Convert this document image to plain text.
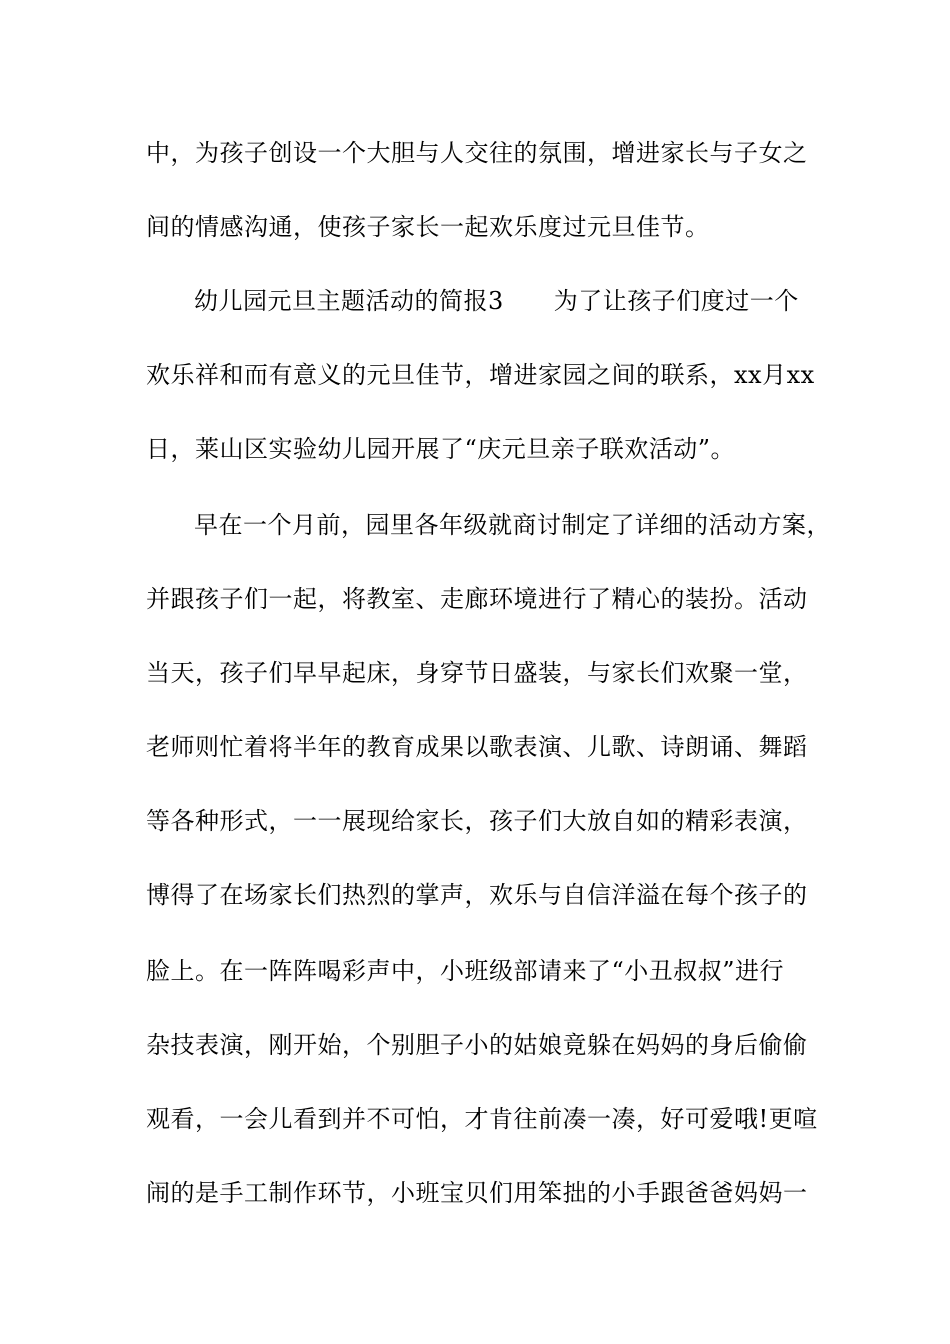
中，为孩子创设一个大胆与人交往的氛围，增进家长与子女之
间的情感沟通，使孩子家长一起欢乐度过元旦佳节。
幼儿园元旦主题活动的简报3 为了让孩子们度过一个
欢乐祥和而有意义的元旦佳节，增进家园之间的联系，xx月xx
日，莱山区实验幼儿园开展了“庆元旦亲子联欢活动”。
早在一个月前，园里各年级就商讨制定了详细的活动方案，
并跟孩子们一起，将教室、走廊环境进行了精心的装扮。活动
当天，孩子们早早起床，身穿节日盛装，与家长们欢聚一堂，
老师则忙着将半年的教育成果以歌表演、儿歌、诗朗诵、舞蹈
等各种形式，一一展现给家长，孩子们大放自如的精彩表演，
博得了在场家长们热烈的掌声，欢乐与自信洋溢在每个孩子的
脸上。在一阵阵喝彩声中，小班级部请来了“小丑叔叔”进行
杂技表演，刚开始，个别胆子小的姑娘竟躲在妈妈的身后偷偷
观看，一会儿看到并不可怕，才肯往前凑一凑，好可爱哦!更喧
闹的是手工制作环节，小班宝贝们用笨拙的小手跟爸爸妈妈一
